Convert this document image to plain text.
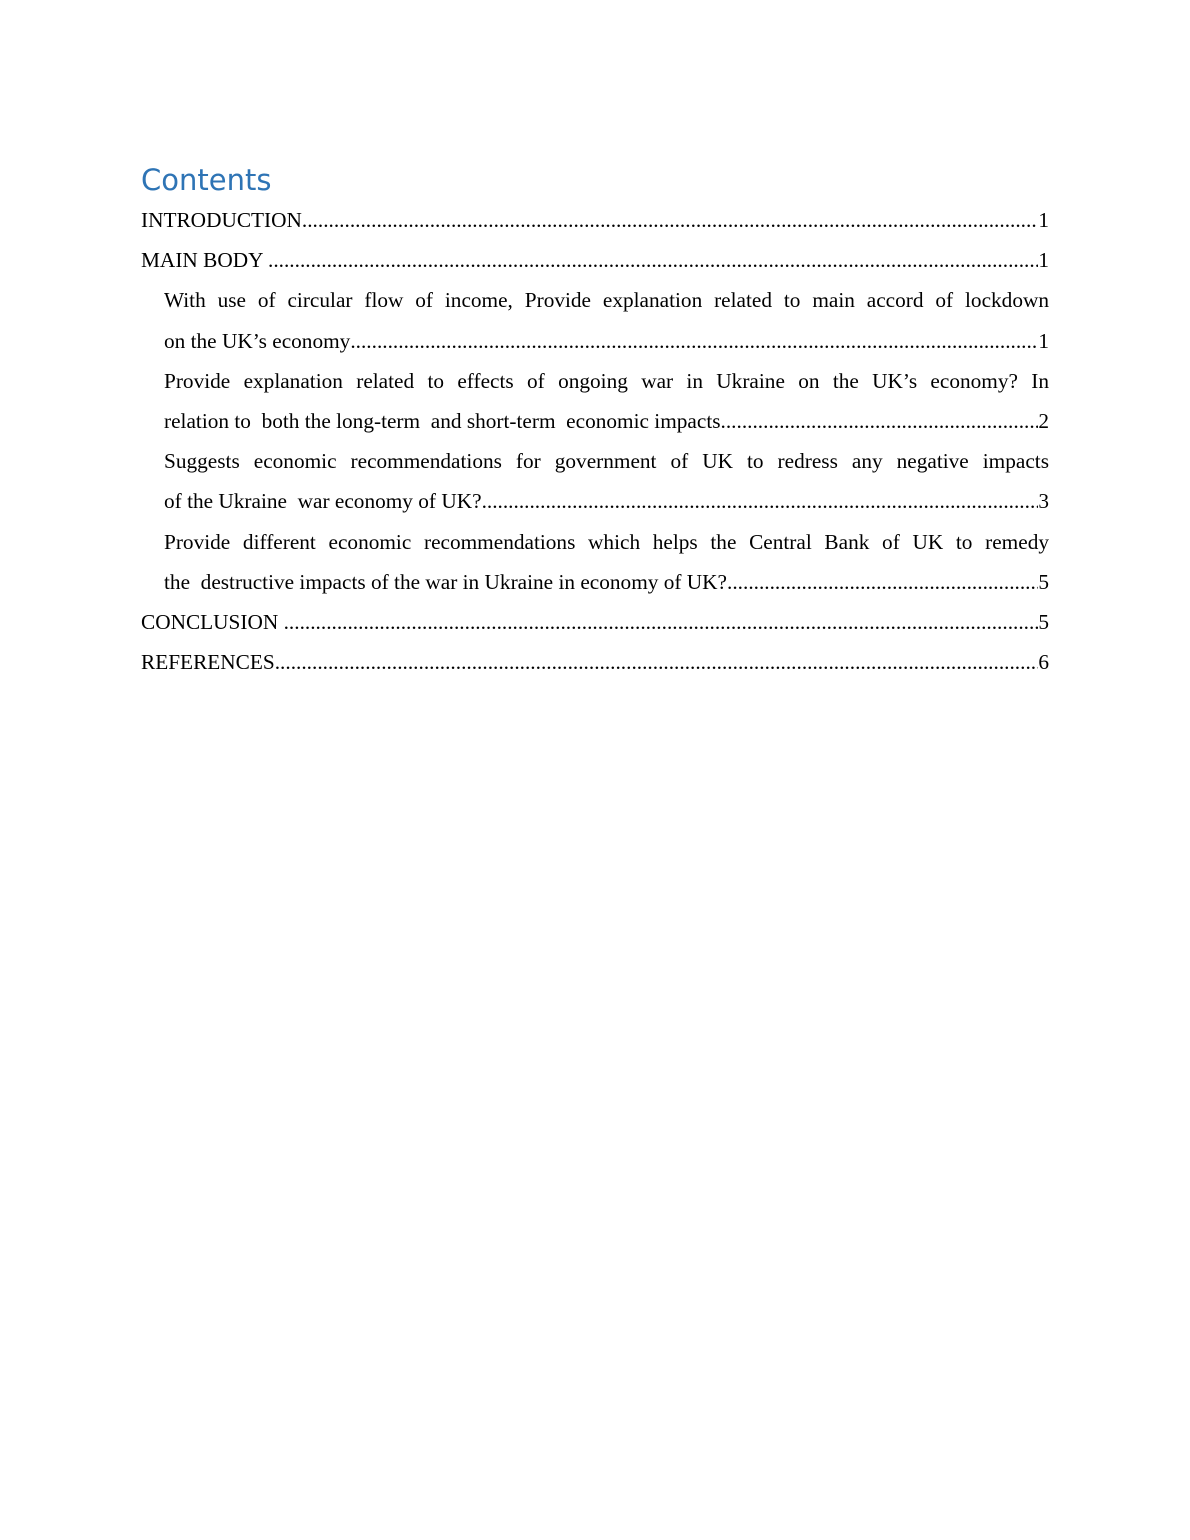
Contents
INTRODUCTION .....	1
MAIN BODY .....	1
With use of circular flow of income, Provide explanation related to main accord of lockdown
on the UK’s economy .....	1
Provide explanation related to effects of ongoing war in Ukraine on the UK’s economy? In
relation to  both the long-term  and short-term  economic impacts. .....	2
Suggests economic recommendations for government of UK to redress any negative impacts
of the Ukraine  war economy of UK? .....	3
Provide different economic recommendations which helps the Central Bank of UK to remedy
the  destructive impacts of the war in Ukraine in economy of UK? .....	5
CONCLUSION .....	5
REFERENCES .....	6
